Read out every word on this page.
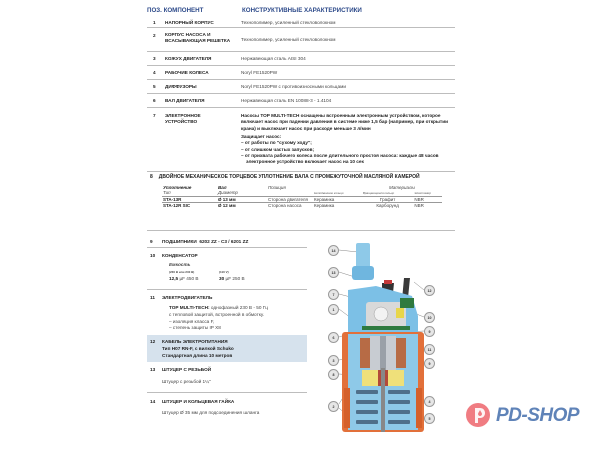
ПОЗ. КОМПОНЕНТ	КОНСТРУКТИВНЫЕ ХАРАКТЕРИСТИКИ
1 НАПОРНЫЙ КОРПУС	Технополимер, усиленный стекловолокном
2 КОРПУС НАСОСА И ВСАСЫВАЮЩАЯ РЕШЕТКА	Технополимер, усиленный стекловолокном
3 КОЖУХ ДВИГАТЕЛЯ	Нержавеющая сталь AISI 304
4 РАБОЧИЕ КОЛЕСА	Noryl FE1520PW
5 ДИФФУЗОРЫ	Noryl FE1520PW с противоизносными кольцами
6 ВАЛ ДВИГАТЕЛЯ	Нержавеющая сталь EN 10088-3 - 1.4104
7 ЭЛЕКТРОННОЕ УСТРОЙСТВО

Насосы TOP MULTI-TECH оснащены встроенным электронным устройством, которое включает насос при падении давления в системе ниже 1,5 бар (например, при открытии крана) и выключает насос при расходе меньше 3 л/мин

Защищает насос:

– от работы по "сухому ходу";

– от слишком частых запусков;

– от прихвата рабочего колеса после длительного простоя насоса: каждые 48 часов электронное устройство включает насос на 10 сек

8 ДВОЙНОЕ МЕХАНИЧЕСКОЕ ТОРЦЕВОЕ УПЛОТНЕНИЕ ВАЛА С ПРОМЕЖУТОЧНОЙ МАСЛЯНОЙ КАМЕРОЙ
Уплотнение	Вал	Позиция		Материалы	
Тип	Диаметр		Неподвижное кольцо	Вращающееся кольцо	Эластомер
STA-13R	Ø 13 мм	Сторона двигателя	Керамика	Графит	NBR
STA-12R SIC	Ø 12 мм	Сторона насоса	Керамика	Карборунд	NBR
9 ПОДШИПНИКИ 6202 ZZ - C3 / 6201 ZZ
10 КОНДЕНСАТОР
Емкость
(230 В или 240 В)	(110 V)
12,5 µF 450 В	30 µF 250 В
11 ЭЛЕКТРОДВИГАТЕЛЬ
TOP MULTI-TECH: однофазный 230 В - 50 Гц
с тепловой защитой, встроенной в обмотку.
– изоляция класса F,
– степень защиты IP X8
12 КАБЕЛЬ ЭЛЕКТРОПИТАНИЯ
Тип H07 RN-F, с вилкой Schuko
Стандартная длина 10 метров
13 ШТУЦЕР С РЕЗЬБОЙ
Штуцер с резьбой 1¼"
14 ШТУЦЕР И КОЛЬЦЕВАЯ ГАЙКА
Штуцер Ø 35 мм для подсоединения шланга
14
13
7
1
12
10
9
6
11
3
9
8
2
4
5	PD-SHOP
